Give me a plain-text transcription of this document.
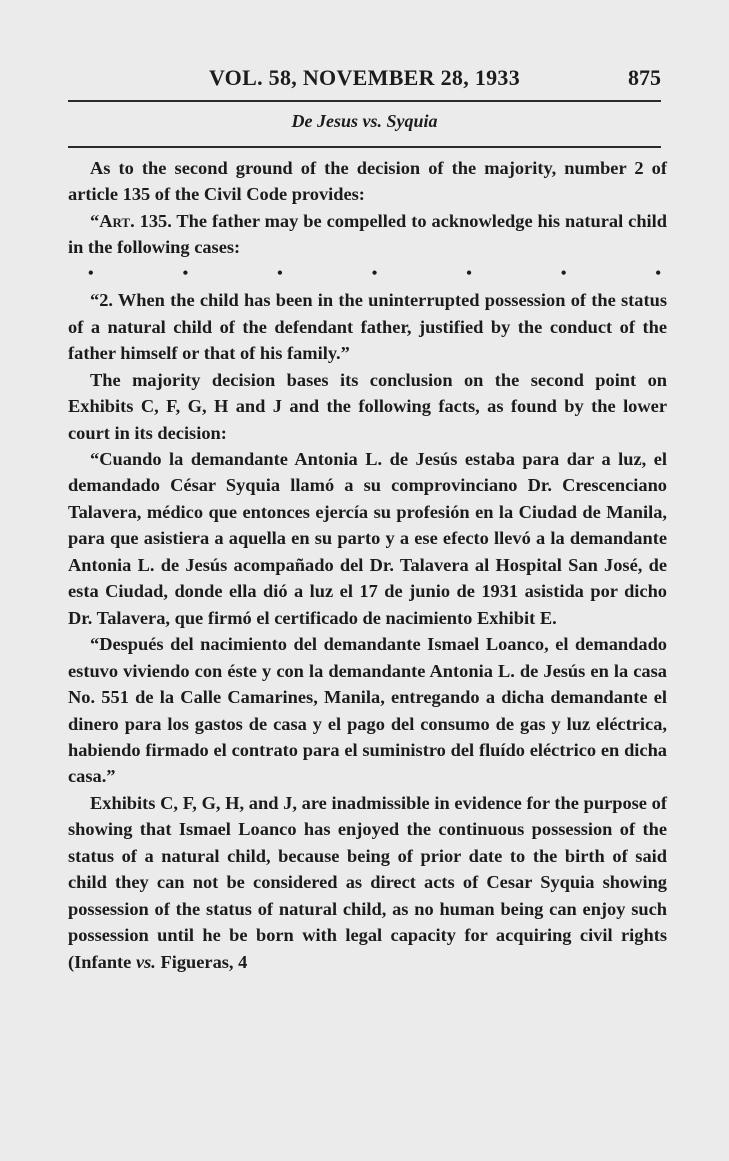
VOL. 58, NOVEMBER 28, 1933	875
De Jesus vs. Syquia

As to the second ground of the decision of the majority, number 2 of article 135 of the Civil Code provides:

“Art. 135. The father may be compelled to acknowledge his natural child in the following cases:

•	•	•	•	•	•	•

“2. When the child has been in the uninterrupted possession of the status of a natural child of the defendant father, justified by the conduct of the father himself or that of his family.”

The majority decision bases its conclusion on the second point on Exhibits C, F, G, H and J and the following facts, as found by the lower court in its decision:

“Cuando la demandante Antonia L. de Jesús estaba para dar a luz, el demandado César Syquia llamó a su comprovinciano Dr. Crescenciano Talavera, médico que entonces ejercía su profesión en la Ciudad de Manila, para que asistiera a aquella en su parto y a ese efecto llevó a la demandante Antonia L. de Jesús acompañado del Dr. Talavera al Hospital San José, de esta Ciudad, donde ella dió a luz el 17 de junio de 1931 asistida por dicho Dr. Talavera, que firmó el certificado de nacimiento Exhibit E.

“Después del nacimiento del demandante Ismael Loanco, el demandado estuvo viviendo con éste y con la demandante Antonia L. de Jesús en la casa No. 551 de la Calle Camarines, Manila, entregando a dicha demandante el dinero para los gastos de casa y el pago del consumo de gas y luz eléctrica, habiendo firmado el contrato para el suministro del fluído eléctrico en dicha casa.”

Exhibits C, F, G, H, and J, are inadmissible in evidence for the purpose of showing that Ismael Loanco has enjoyed the continuous possession of the status of a natural child, because being of prior date to the birth of said child they can not be considered as direct acts of Cesar Syquia showing possession of the status of natural child, as no human being can enjoy such possession until he be born with legal capacity for acquiring civil rights (Infante vs. Figueras, 4
